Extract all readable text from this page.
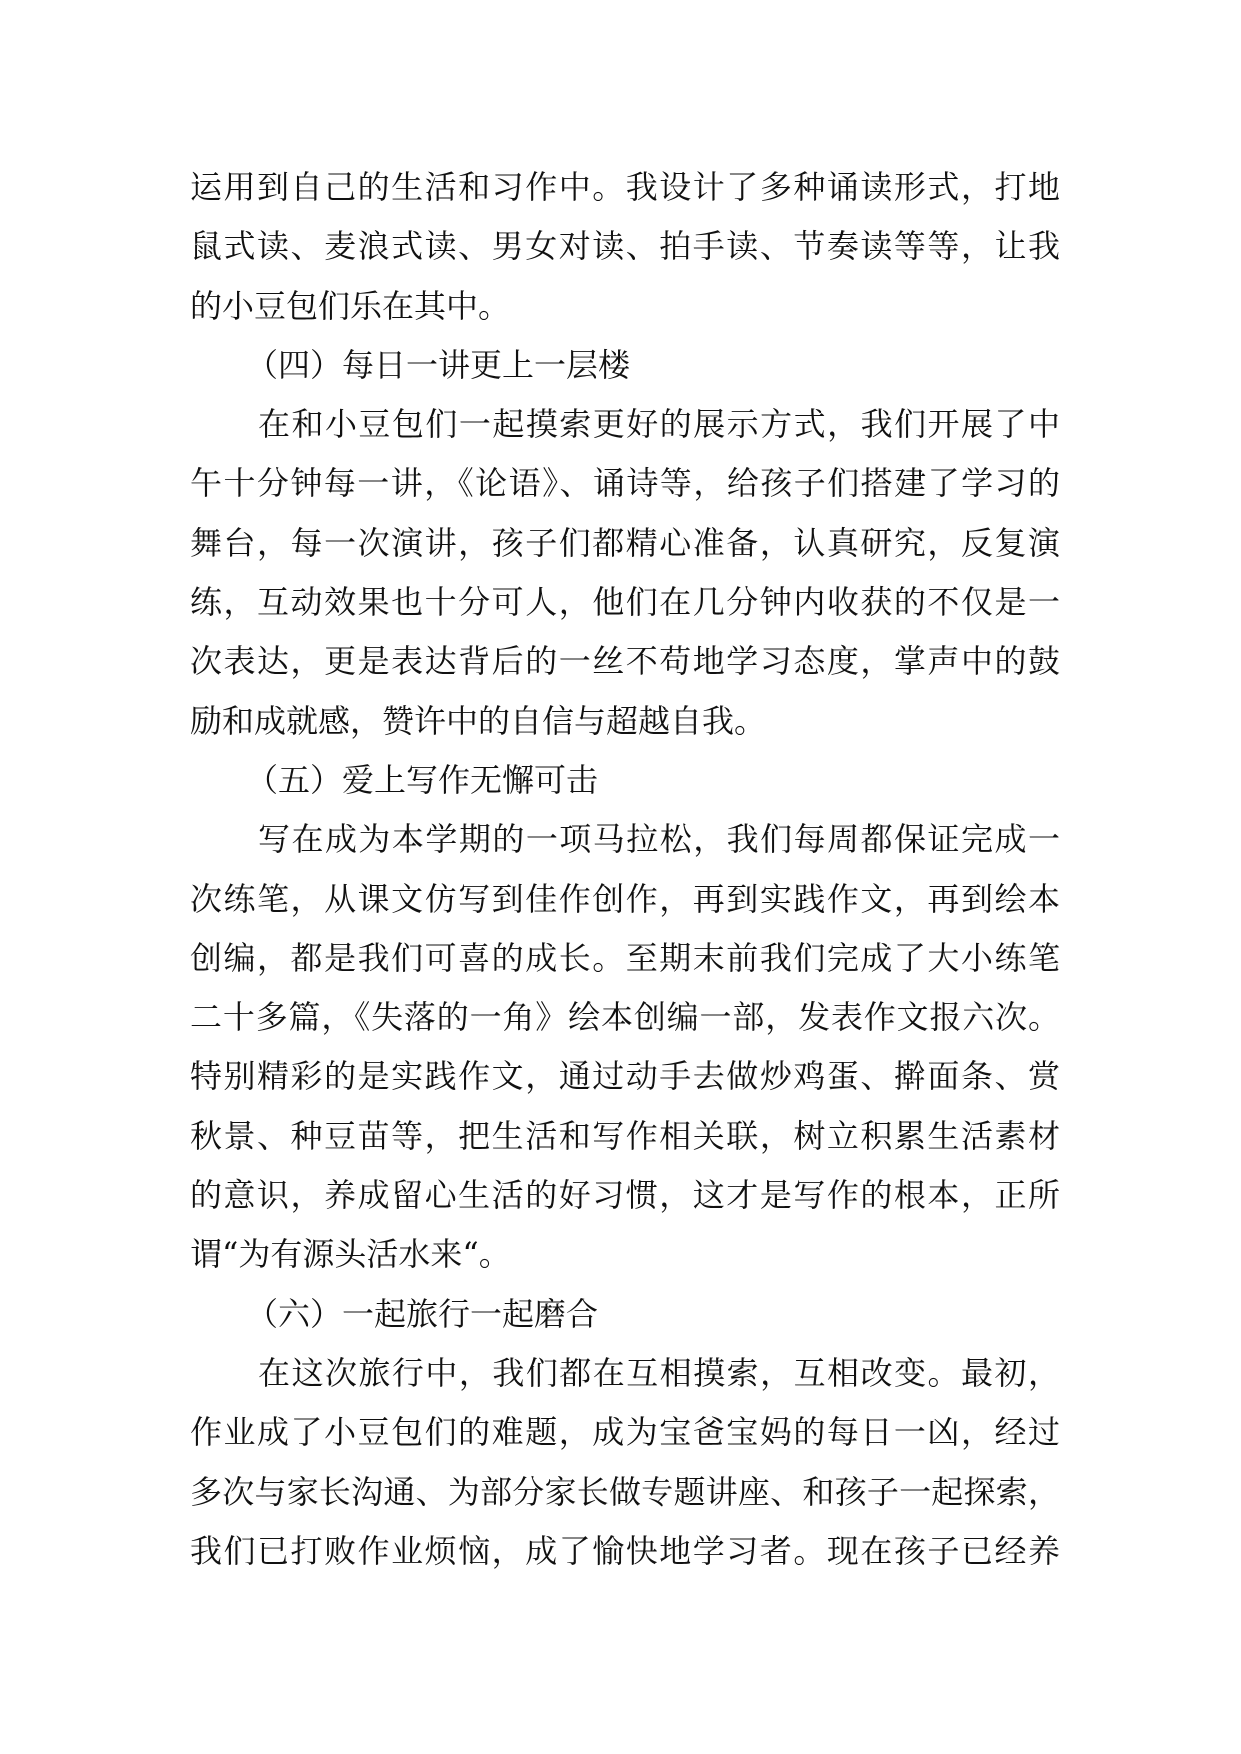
运用到自己的生活和习作中。我设计了多种诵读形式，打地
鼠式读、麦浪式读、男女对读、拍手读、节奏读等等，让我
的小豆包们乐在其中。
（四）每日一讲更上一层楼
在和小豆包们一起摸索更好的展示方式，我们开展了中
午十分钟每一讲，《论语》、诵诗等，给孩子们搭建了学习的
舞台，每一次演讲，孩子们都精心准备，认真研究，反复演
练，互动效果也十分可人，他们在几分钟内收获的不仅是一
次表达，更是表达背后的一丝不苟地学习态度，掌声中的鼓
励和成就感，赞许中的自信与超越自我。
（五）爱上写作无懈可击
写在成为本学期的一项马拉松，我们每周都保证完成一
次练笔，从课文仿写到佳作创作，再到实践作文，再到绘本
创编，都是我们可喜的成长。至期末前我们完成了大小练笔
二十多篇，《失落的一角》绘本创编一部，发表作文报六次。
特别精彩的是实践作文，通过动手去做炒鸡蛋、擀面条、赏
秋景、种豆苗等，把生活和写作相关联，树立积累生活素材
的意识，养成留心生活的好习惯，这才是写作的根本，正所
谓“为有源头活水来“。
（六）一起旅行一起磨合
在这次旅行中，我们都在互相摸索，互相改变。最初，
作业成了小豆包们的难题，成为宝爸宝妈的每日一凶，经过
多次与家长沟通、为部分家长做专题讲座、和孩子一起探索，
我们已打败作业烦恼，成了愉快地学习者。现在孩子已经养
